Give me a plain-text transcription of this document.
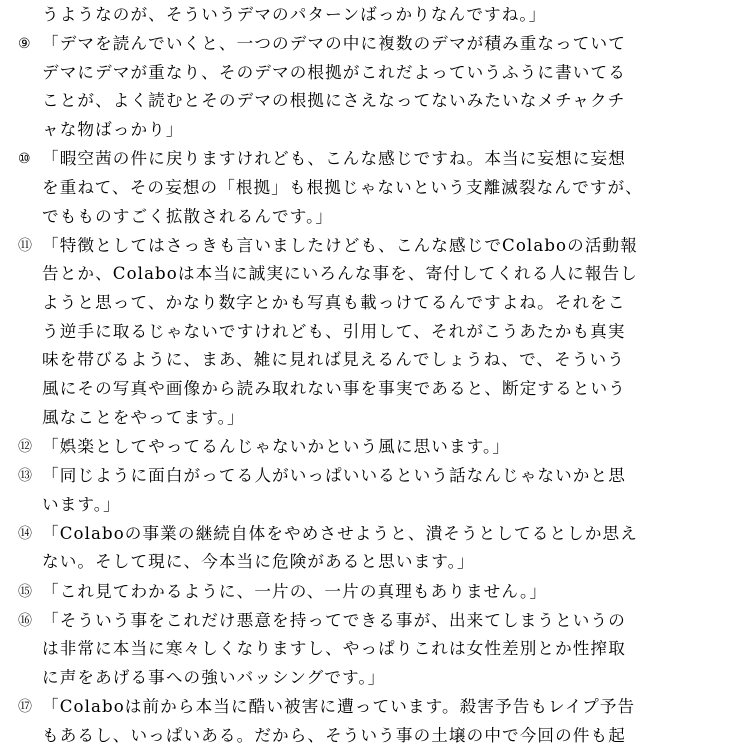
うようなのが、そういうデマのパターンばっかりなんですね。」
⑨ 「デマを読んでいくと、一つのデマの中に複数のデマが積み重なっていて
デマにデマが重なり、そのデマの根拠がこれだよっていうふうに書いてる
ことが、よく読むとそのデマの根拠にさえなってないみたいなメチャクチ
ャな物ばっかり」
⑩ 「暇空茜の件に戻りますけれども、こんな感じですね。本当に妄想に妄想
を重ねて、その妄想の「根拠」も根拠じゃないという支離滅裂なんですが、
でもものすごく拡散されるんです。」
⑪ 「特徴としてはさっきも言いましたけども、こんな感じでColaboの活動報
告とか、Colaboは本当に誠実にいろんな事を、寄付してくれる人に報告し
ようと思って、かなり数字とかも写真も載っけてるんですよね。それをこ
う逆手に取るじゃないですけれども、引用して、それがこうあたかも真実
味を帯びるように、まあ、雑に見れば見えるんでしょうね、で、そういう
風にその写真や画像から読み取れない事を事実であると、断定するという
風なことをやってます。」
⑫ 「娯楽としてやってるんじゃないかという風に思います。」
⑬ 「同じように面白がってる人がいっぱいいるという話なんじゃないかと思
います。」
⑭ 「Colaboの事業の継続自体をやめさせようと、潰そうとしてるとしか思え
ない。そして現に、今本当に危険があると思います。」
⑮ 「これ見てわかるように、一片の、一片の真理もありません。」
⑯ 「そういう事をこれだけ悪意を持ってできる事が、出来てしまうというの
は非常に本当に寒々しくなりますし、やっぱりこれは女性差別とか性搾取
に声をあげる事への強いバッシングです。」
⑰ 「Colaboは前から本当に酷い被害に遭っています。殺害予告もレイプ予告
もあるし、いっぱいある。だから、そういう事の土壌の中で今回の件も起
